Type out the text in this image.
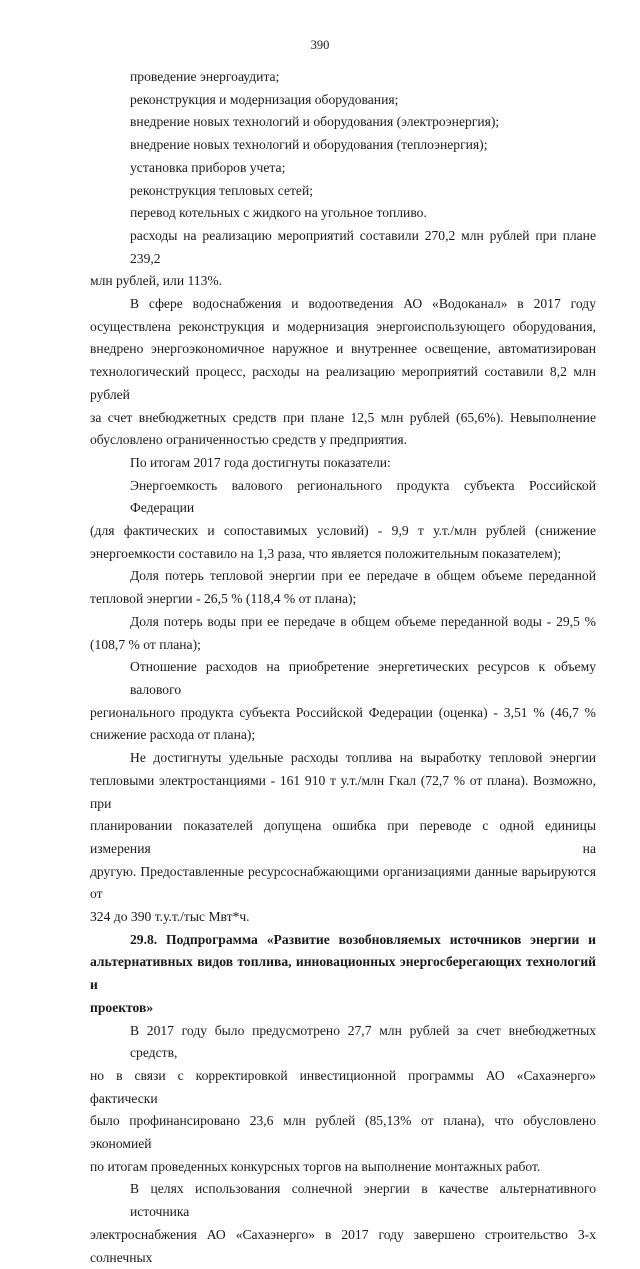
390
проведение энергоаудита;
реконструкция и модернизация оборудования;
внедрение новых технологий и оборудования (электроэнергия);
внедрение новых технологий и оборудования (теплоэнергия);
установка приборов учета;
реконструкция тепловых сетей;
перевод котельных с жидкого на угольное топливо.
расходы на реализацию мероприятий составили 270,2 млн рублей при плане 239,2
млн рублей, или 113%.
В сфере водоснабжения и водоотведения АО «Водоканал» в 2017 году
осуществлена реконструкция и модернизация энергоиспользующего оборудования,
внедрено энергоэкономичное наружное и внутреннее освещение, автоматизирован
технологический процесс, расходы на реализацию мероприятий составили 8,2 млн рублей
за счет внебюджетных средств при плане 12,5 млн рублей (65,6%). Невыполнение
обусловлено ограниченностью средств у предприятия.
По итогам 2017 года достигнуты показатели:
Энергоемкость валового регионального продукта субъекта Российской Федерации
(для фактических и сопоставимых условий) - 9,9 т у.т./млн рублей (снижение
энергоемкости составило на 1,3 раза, что является положительным показателем);
Доля потерь тепловой энергии при ее передаче в общем объеме переданной
тепловой энергии - 26,5 % (118,4 % от плана);
Доля потерь воды при ее передаче в общем объеме переданной воды - 29,5 %
(108,7 % от плана);
Отношение расходов на приобретение энергетических ресурсов к объему валового
регионального продукта субъекта Российской Федерации (оценка) - 3,51 % (46,7 %
снижение расхода от плана);
Не достигнуты удельные расходы топлива на выработку тепловой энергии
тепловыми электростанциями - 161 910 т у.т./млн Гкал (72,7 % от плана). Возможно, при
планировании показателей допущена ошибка при переводе с одной единицы измерения на
другую. Предоставленные ресурсоснабжающими организациями данные варьируются от
324 до 390 т.у.т./тыс Мвт*ч.
29.8. Подпрограмма «Развитие возобновляемых источников энергии и
альтернативных видов топлива, инновационных энергосберегающих технологий и
проектов»
В 2017 году было предусмотрено 27,7 млн рублей за счет внебюджетных средств,
но в связи с корректировкой инвестиционной программы АО «Сахаэнерго» фактически
было профинансировано 23,6 млн рублей (85,13% от плана), что обусловлено экономией
по итогам проведенных конкурсных торгов на выполнение монтажных работ.
В целях использования солнечной энергии в качестве альтернативного источника
электроснабжения АО «Сахаэнерго» в 2017 году завершено строительство 3-х солнечных
